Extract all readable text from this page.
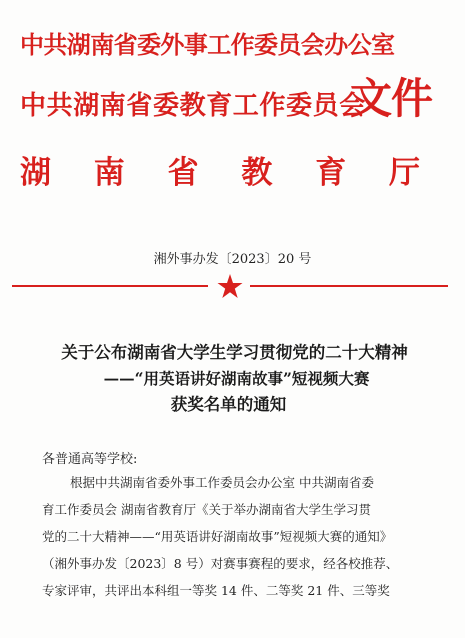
中共湖南省委外事工作委员会办公室
中共湖南省委教育工作委员会
文件
湖 南 省 教 育 厅
湘外事办发〔2023〕20 号
关于公布湖南省大学生学习贯彻党的二十大精神
——“用英语讲好湖南故事”短视频大赛
获奖名单的通知
各普通高等学校:
根据中共湖南省委外事工作委员会办公室 中共湖南省委
育工作委员会 湖南省教育厅《关于举办湖南省大学生学习贯
党的二十大精神——“用英语讲好湖南故事”短视频大赛的通知》
（湘外事办发〔2023〕8 号）对赛事赛程的要求，经各校推荐、
专家评审，共评出本科组一等奖 14 件、二等奖 21 件、三等奖
